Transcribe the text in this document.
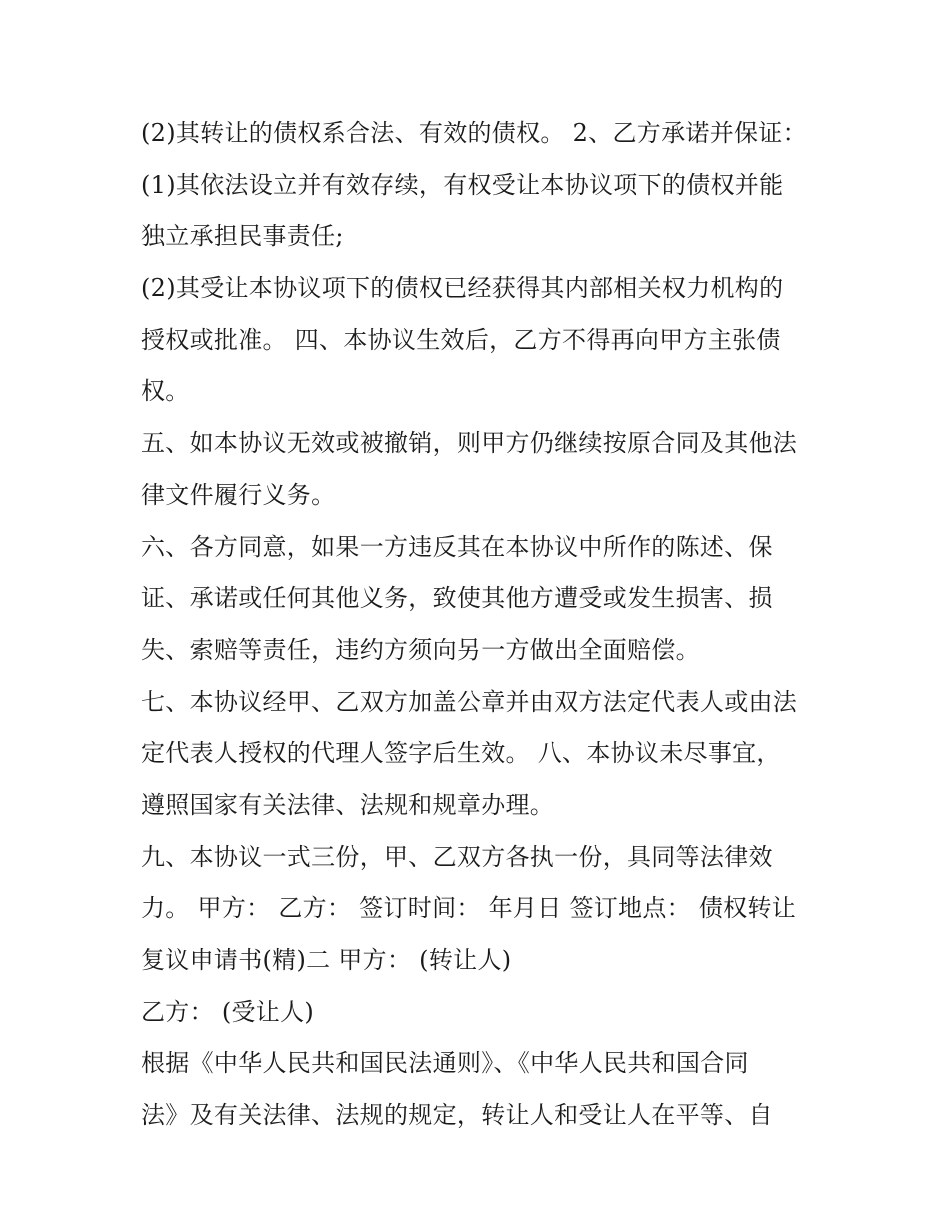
(2)其转让的债权系合法、有效的债权。 2、乙方承诺并保证：
(1)其依法设立并有效存续，有权受让本协议项下的债权并能
独立承担民事责任;
(2)其受让本协议项下的债权已经获得其内部相关权力机构的
授权或批准。 四、本协议生效后，乙方不得再向甲方主张债
权。
五、如本协议无效或被撤销，则甲方仍继续按原合同及其他法
律文件履行义务。
六、各方同意，如果一方违反其在本协议中所作的陈述、保
证、承诺或任何其他义务，致使其他方遭受或发生损害、损
失、索赔等责任，违约方须向另一方做出全面赔偿。
七、本协议经甲、乙双方加盖公章并由双方法定代表人或由法
定代表人授权的代理人签字后生效。 八、本协议未尽事宜，
遵照国家有关法律、法规和规章办理。
九、本协议一式三份，甲、乙双方各执一份，具同等法律效
力。 甲方： 乙方： 签订时间： 年月日 签订地点： 债权转让
复议申请书(精)二 甲方： (转让人)
乙方： (受让人)
根据《中华人民共和国民法通则》、《中华人民共和国合同
法》及有关法律、法规的规定，转让人和受让人在平等、自
